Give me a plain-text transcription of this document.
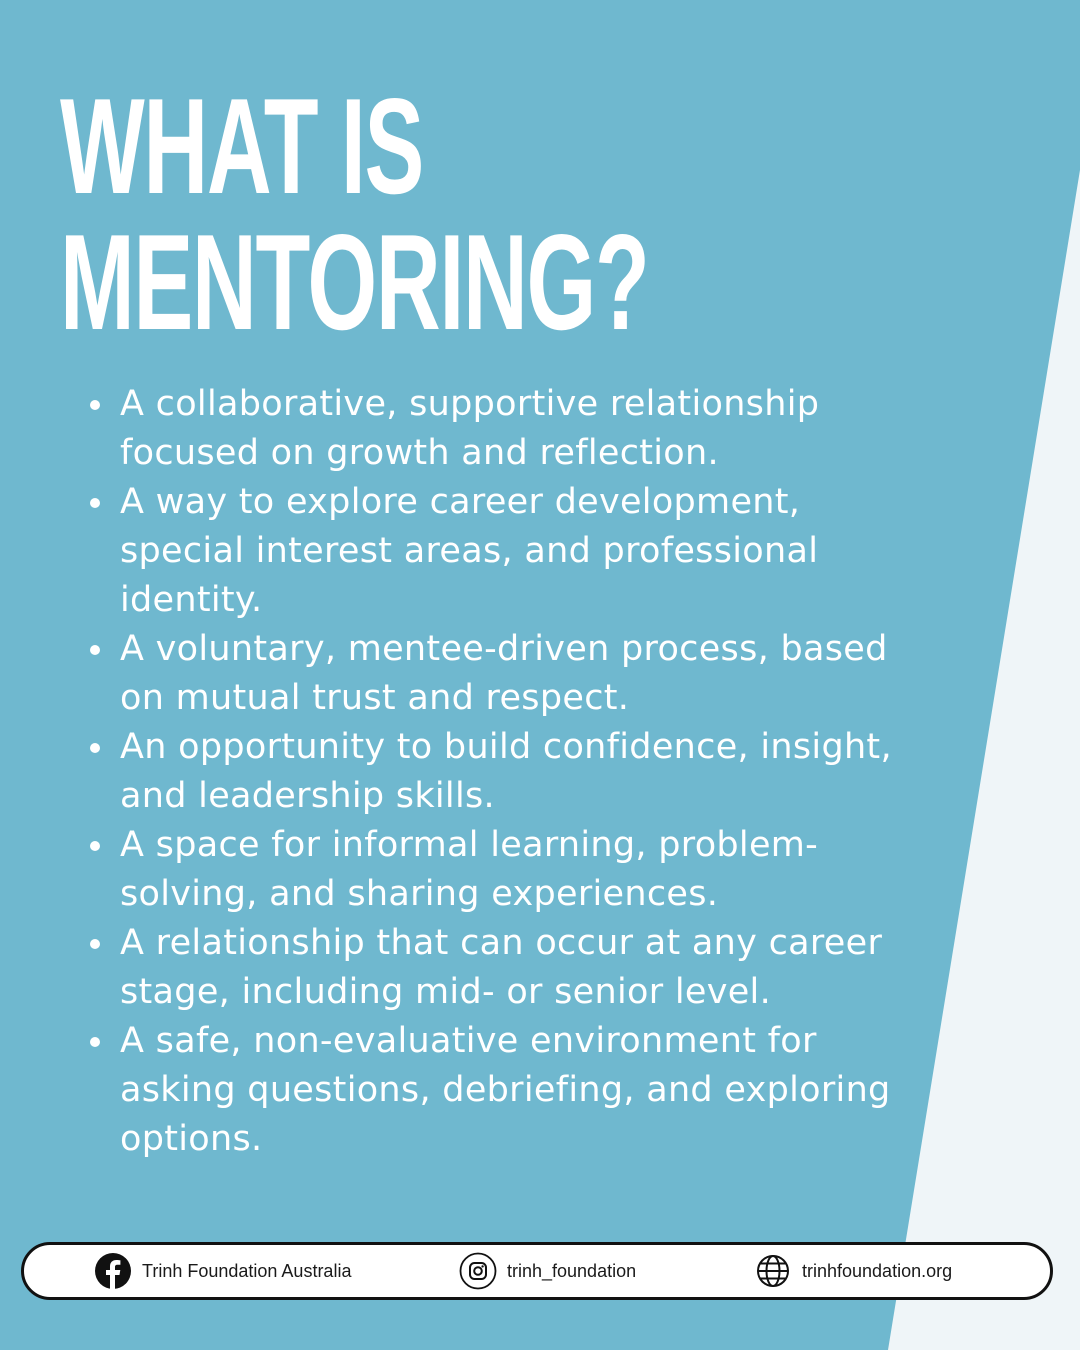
WHAT IS
MENTORING?
A collaborative, supportive relationship focused on growth and reflection.
A way to explore career development, special interest areas, and professional identity.
A voluntary, mentee-driven process, based on mutual trust and respect.
An opportunity to build confidence, insight, and leadership skills.
A space for informal learning, problem-solving, and sharing experiences.
A relationship that can occur at any career stage, including mid- or senior level.
A safe, non-evaluative environment for asking questions, debriefing, and exploring options.
Trinh Foundation Australia	trinh_foundation	trinhfoundation.org
